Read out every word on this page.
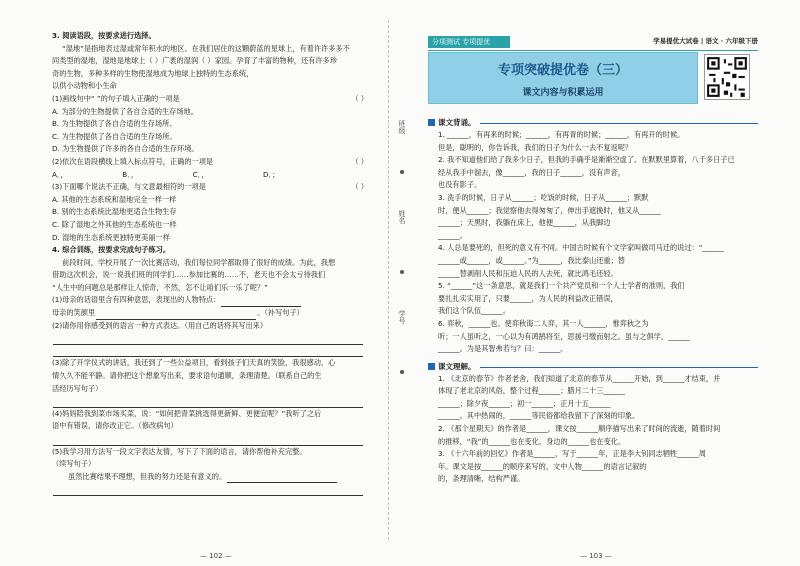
3. 阅读语段，按要求进行选择。
“湿地”是指地表过湿或常年积水的地区。在我们居住的这颗蔚蓝的星球上，有着许许多多不
同类型的湿地，湿地是地球上（ ）广袤的湿润（ ）家园。孕育了丰富的物种，还有许多珍
奇的生物，多种多样的生物使湿地成为地球上独特的生态系统，
以供小动物和小生命
(1)画线句中“ ”的句子填入正确的一项是	（ ）
A. 为部分的生物提供了各自合适的生存场地。
B. 为生物提供了各自合适的生存场所。
C. 为生物提供了各自合适的生存场所。
D. 为生物提供了许多的各自合适的生存环境。
(2)依次在语段横线上填入标点符号，正确的一项是	（ ）
A．，	B．，	C．，	D．；
(3)下面哪个说法不正确，与文意最相符的一项是	（ ）
A. 其他的生态系统和湿地完全一样一样
B. 别的生态系统比湿地更适合生物生存
C. 除了湿地之外其他的生态系统也一样
D. 湿地的生态系统更独特更美丽一样
4. 综合训练，按要求完成句子练习。
前段时间，学校开展了一次比赛活动，我们每位同学都取得了很好的成绩。为此，我想
借助这次机会，说一说我们班的同学们……参加比赛的……不，老天也不会太亏待我们
“人生中的问题总是那样让人惊奇，不然，怎不让咱们乐一乐了呢？”
(1)母亲的话语里含有四种意思，表现出的人物特点：
母亲的笑颜里	。（补写句子）
(2)请你用你感受到的语言一种方式表达。（用自己的话将其写出来）
(3)除了开学仪式的讲话，我还到了一些公益项目，看到孩子们天真的笑脸，我很感动，心
情久久不能平静。请你把这个想象写出来，要求语句通顺，条理清楚。（联系自己的生
活经历写句子）
(4)妈妈陪我到菜市场买菜，说：“如何把青菜挑选得更新鲜、更便宜呢？”我听了之后
语中有错误，请你改正它。（修改病句）
(5)我学习用方法写一段文字表达友情，写下了下面的语言，请你帮他补充完整。
（续写句子）
虽然比赛结果不理想，但我的努力还是有意义的。
— 102 —
班级
姓名
学号
分项测试 专项提优	学易提优大试卷 | 语文 · 六年级下册
专项突破提优卷（三）
课文内容与积累运用
课文背诵。
1. ______，有再来的时候；______，有再青的时候；______，有再开的时候。
但是，聪明的，你告诉我，我们的日子为什么一去不复返呢？
2. 我不知道他们给了我多少日子，但我的手确乎是渐渐空虚了。在默默里算着，八千多日子已
经从我手中溜去，像______，我的日子______，没有声音，
也没有影子。
3. 洗手的时候，日子从______；吃饭的时候，日子从______；默默
时，便从______；我觉察他去得匆匆了，伸出手遮挽时，他又从______
______；天黑时，我躺在床上，他便______，从我脚边
______。
4. 人总是要死的，但死的意义有不同。中国古时候有个文学家叫做司马迁的说过：“______
______或______，或______。”为______，我比泰山还重；替
______替剥削人民和压迫人民的人去死，就比鸿毛还轻。
5. “______”这一条意思，就是我们一个共产党员和一个人士学者的准则，我们
要扎扎实实用了，只要______，为人民的利益改正错误，
我们这个队伍______。
6. 弈秋，______也。使弈秋诲二人弈，其一人______，惟弈秋之为
听；一人虽听之，一心以为有鸿鹄将至，思援弓缴而射之。虽与之俱学，______
______。为是其智弗若与？曰：______。
课文理解。
1. 《北京的春节》作者老舍，我们知道了北京的春节从______开始，到______才结束，并
体现了老北京的风俗，整个过程______；腊月二十三______
______；除夕夜______；初一______；正月十五______
______。其中热闹的，______等民俗都给我留下了深刻的印象。
2. 《那个星期天》的作者是______，课文按______顺序描写出来了时间的流逝，随着时间
的推移，“我”的______也在变化，身边的______也在变化。
3. 《十六年前的回忆》作者是______，写于______年，正是李大钊同志牺牲______周
年。课文是按______的顺序来写的，文中人物______的语言记叙的
的，条理清晰，结构严谨。
— 103 —
